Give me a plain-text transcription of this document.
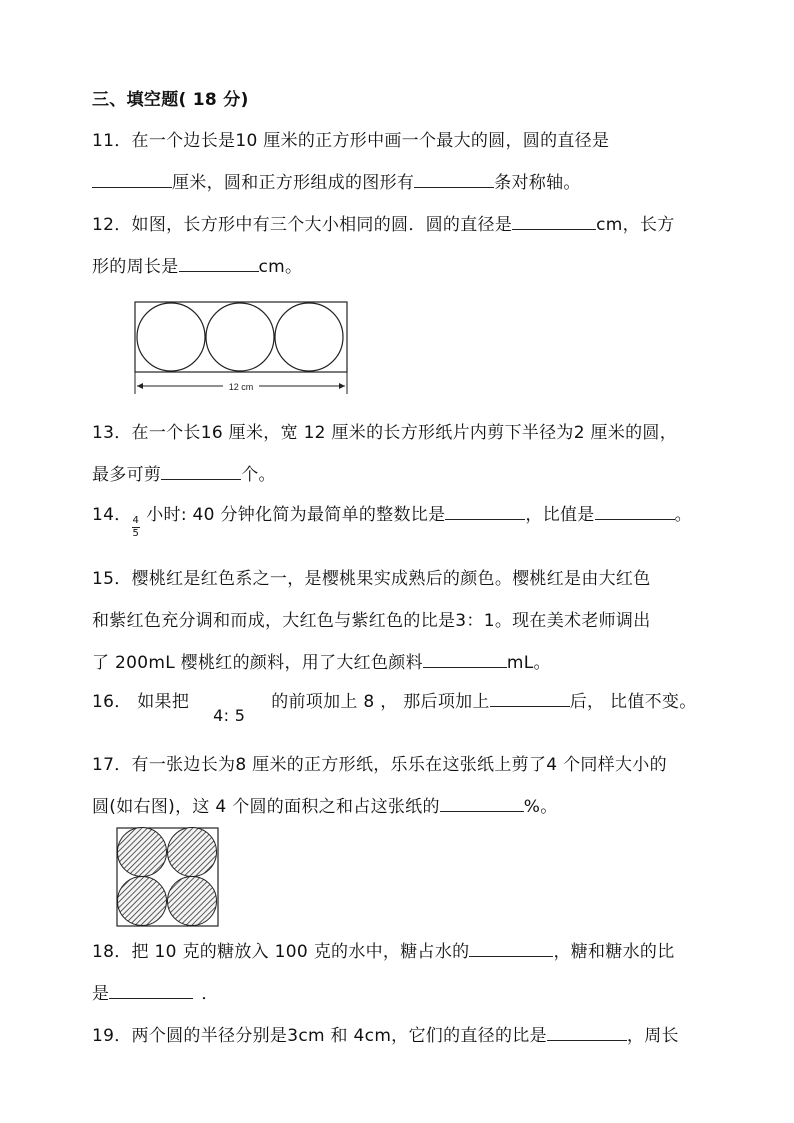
三、填空题( 18 分)
11．在一个边长是10 厘米的正方形中画一个最大的圆，圆的直径是
厘米，圆和正方形组成的图形有	条对称轴。
12．如图，长方形中有三个大小相同的圆．圆的直径是	cm，长方
形的周长是	cm。
12 cm
13．在一个长16 厘米，宽 12 厘米的长方形纸片内剪下半径为2 厘米的圆，
最多可剪	个。
14． $\frac{4}{5}$ 小时: 40 分钟化简为最简单的整数比是	，比值是	。
15．樱桃红是红色系之一，是樱桃果实成熟后的颜色。樱桃红是由大红色
和紫红色充分调和而成，大红色与紫红色的比是3：1。现在美术老师调出
了 200mL 樱桃红的颜料，用了大红色颜料	mL。
16． 如果把4: 5的前项加上 8 ， 那后项加上	后， 比值不变。
17．有一张边长为8 厘米的正方形纸，乐乐在这张纸上剪了4 个同样大小的
圆(如右图)，这 4 个圆的面积之和占这张纸的	%。
18．把 10 克的糖放入 100 克的水中，糖占水的	，糖和糖水的比
是	．
19．两个圆的半径分别是3cm 和 4cm，它们的直径的比是	，周长
